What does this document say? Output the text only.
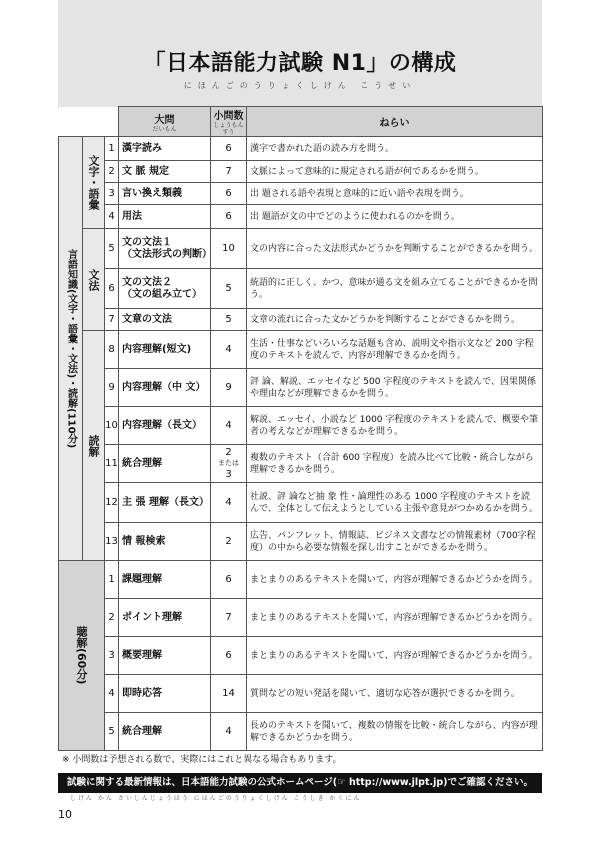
「日本語能力試験 N1」の構成
にほんごのうりょくしけん こうせい
			大問
だいもん	小問数
しょうもんすう	ねらい

言語知識(文字・語彙・文法)・読解(110分)	文字・語彙	1	漢字読み	6	漢字で書かれた語の読み方を問う。
		2	文 脈 規定	7	文脈によって意味的に規定される語が何であるかを問う。
		3	言い換え類義	6	出 題される語や表現と意味的に近い語や表現を問う。
		4	用法	6	出 題語が文の中でどのように使われるのかを問う。

	文法	5	文の文法１
（文法形式の判断）	10	文の内容に合った文法形式かどうかを判断することができるかを問う。
		6	文の文法２
（文の組み立て）	5	統語的に正しく、かつ、意味が通る文を組み立てることができるかを問う。
		7	文章の文法	5	文章の流れに合った文かどうかを判断することができるかを問う。

	読解	8	内容理解(短文)	4	生活・仕事などいろいろな話題も含め、説明文や指示文など 200 字程度のテキストを読んで、内容が理解できるかを問う。
		9	内容理解（中 文）	9	評 論、解説、エッセイなど 500 字程度のテキストを読んで、因果関係や理由などが理解できるかを問う。
		10	内容理解（長文）	4	解説、エッセイ、小説など 1000 字程度のテキストを読んで、概要や筆者の考えなどが理解できるかを問う。
		11	統合理解	2
または
3	複数のテキスト（合計 600 字程度）を読み比べて比較・統合しながら理解できるかを問う。
		12	主 張 理解（長文）	4	社説、評 論など抽 象 性・論理性のある 1000 字程度のテキストを読んで、全体として伝えようとしている主張や意見がつかめるかを問う。
		13	情 報検索	2	広告、パンフレット、情報誌、ビジネス文書などの情報素材（700字程度）の中から必要な情報を探し出すことができるかを問う。

聴解(60分)		1	課題理解	6	まとまりのあるテキストを聞いて、内容が理解できるかどうかを問う。
		2	ポイント理解	7	まとまりのあるテキストを聞いて、内容が理解できるかどうかを問う。
		3	概要理解	6	まとまりのあるテキストを聞いて、内容が理解できるかどうかを問う。
		4	即時応答	14	質問などの短い発話を聞いて、適切な応答が選択できるかを問う。
		5	統合理解	4	長めのテキストを聞いて、複数の情報を比較・統合しながら、内容が理解できるかどうかを問う。
※ 小問数は予想される数で、実際にはこれと異なる場合もあります。
試験に関する最新情報は、日本語能力試験の公式ホームページ(☞ http://www.jlpt.jp)でご確認ください。
しけん かん さいしんじょうほう にほんごのうりょくしけん こうしき かくにん
10
